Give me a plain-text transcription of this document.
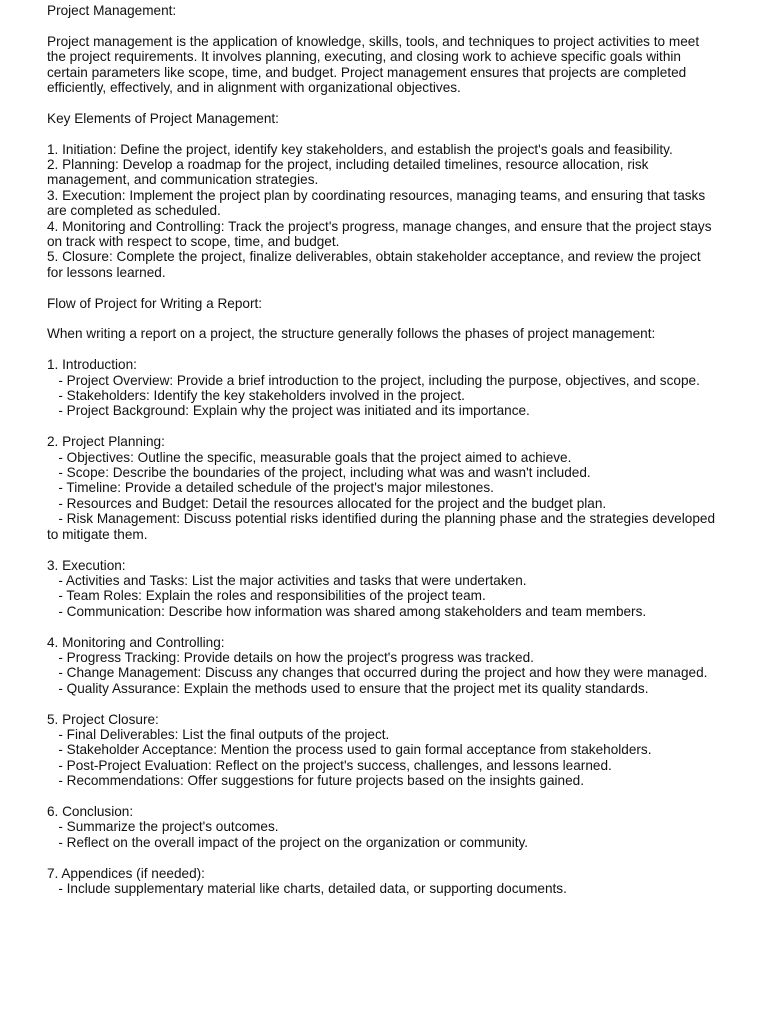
Project Management:

Project management is the application of knowledge, skills, tools, and techniques to project activities to meet the project requirements. It involves planning, executing, and closing work to achieve specific goals within certain parameters like scope, time, and budget. Project management ensures that projects are completed efficiently, effectively, and in alignment with organizational objectives.

Key Elements of Project Management:

1. Initiation: Define the project, identify key stakeholders, and establish the project's goals and feasibility.

2. Planning: Develop a roadmap for the project, including detailed timelines, resource allocation, risk management, and communication strategies.

3. Execution: Implement the project plan by coordinating resources, managing teams, and ensuring that tasks are completed as scheduled.

4. Monitoring and Controlling: Track the project's progress, manage changes, and ensure that the project stays on track with respect to scope, time, and budget.

5. Closure: Complete the project, finalize deliverables, obtain stakeholder acceptance, and review the project for lessons learned.

Flow of Project for Writing a Report:

When writing a report on a project, the structure generally follows the phases of project management:

1. Introduction:

- Project Overview: Provide a brief introduction to the project, including the purpose, objectives, and scope.

- Stakeholders: Identify the key stakeholders involved in the project.

- Project Background: Explain why the project was initiated and its importance.

2. Project Planning:

- Objectives: Outline the specific, measurable goals that the project aimed to achieve.

- Scope: Describe the boundaries of the project, including what was and wasn't included.

- Timeline: Provide a detailed schedule of the project's major milestones.

- Resources and Budget: Detail the resources allocated for the project and the budget plan.

- Risk Management: Discuss potential risks identified during the planning phase and the strategies developed to mitigate them.

3. Execution:

- Activities and Tasks: List the major activities and tasks that were undertaken.

- Team Roles: Explain the roles and responsibilities of the project team.

- Communication: Describe how information was shared among stakeholders and team members.

4. Monitoring and Controlling:

- Progress Tracking: Provide details on how the project's progress was tracked.

- Change Management: Discuss any changes that occurred during the project and how they were managed.

- Quality Assurance: Explain the methods used to ensure that the project met its quality standards.

5. Project Closure:

- Final Deliverables: List the final outputs of the project.

- Stakeholder Acceptance: Mention the process used to gain formal acceptance from stakeholders.

- Post-Project Evaluation: Reflect on the project's success, challenges, and lessons learned.

- Recommendations: Offer suggestions for future projects based on the insights gained.

6. Conclusion:

- Summarize the project's outcomes.

- Reflect on the overall impact of the project on the organization or community.

7. Appendices (if needed):

- Include supplementary material like charts, detailed data, or supporting documents.
